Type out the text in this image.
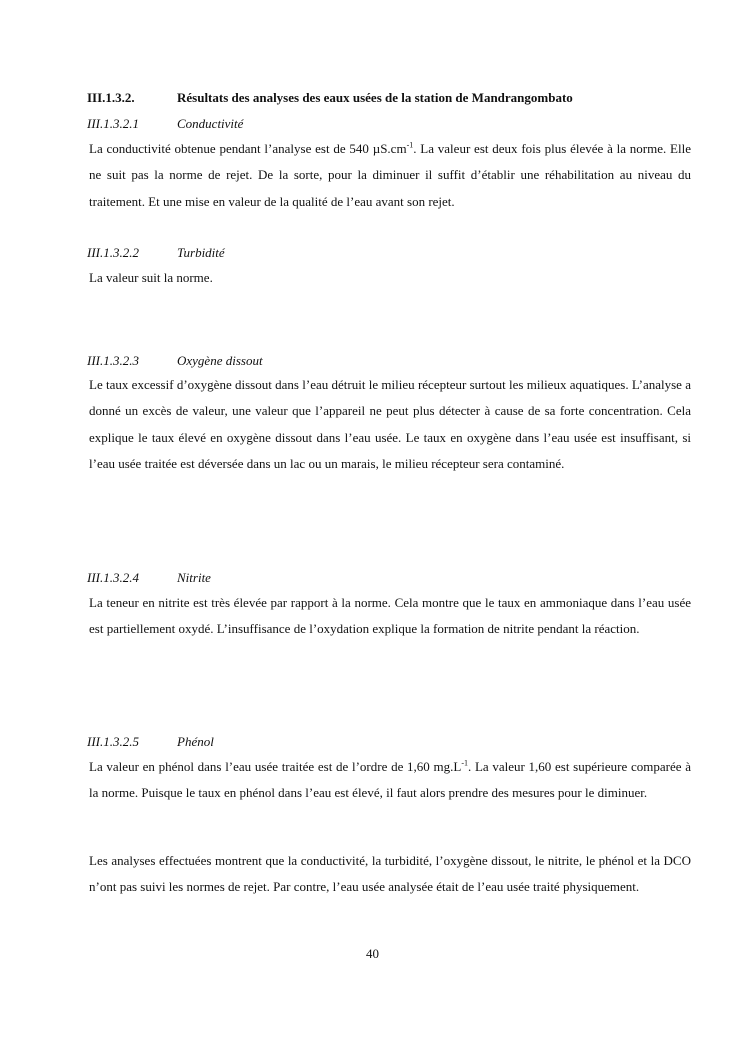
III.1.3.2.	Résultats des analyses des eaux usées de la station de Mandrangombato
III.1.3.2.1	Conductivité

La conductivité obtenue pendant l’analyse est de 540 $\mu S.cm^{-1}$. La valeur est deux fois plus élevée à la norme. Elle ne suit pas la norme de rejet. De la sorte, pour la diminuer il suffit d’établir une réhabilitation au niveau du traitement. Et une mise en valeur de la qualité de l’eau avant son rejet.

III.1.3.2.2	Turbidité

La valeur suit la norme.

III.1.3.2.3	Oxygène dissout

Le taux excessif d’oxygène dissout dans l’eau détruit le milieu récepteur surtout les milieux aquatiques. L’analyse a donné un excès de valeur, une valeur que l’appareil ne peut plus détecter à cause de sa forte concentration. Cela explique le taux élevé en oxygène dissout dans l’eau usée. Le taux en oxygène dans l’eau usée est insuffisant, si l’eau usée traitée est déversée dans un lac ou un marais, le milieu récepteur sera contaminé.

III.1.3.2.4	Nitrite

La teneur en nitrite est très élevée par rapport à la norme. Cela montre que le taux en ammoniaque dans l’eau usée est partiellement oxydé. L’insuffisance de l’oxydation explique la formation de nitrite pendant la réaction.

III.1.3.2.5	Phénol

La valeur en phénol dans l’eau usée traitée est de l’ordre de 1,60 $mg.L^{-1}$. La valeur 1,60 est supérieure comparée à la norme. Puisque le taux en phénol dans l’eau est élevé, il faut alors prendre des mesures pour le diminuer.

Les analyses effectuées montrent que la conductivité, la turbidité, l’oxygène dissout, le nitrite, le phénol et la DCO n’ont pas suivi les normes de rejet. Par contre, l’eau usée analysée était de l’eau usée traité physiquement.

40
